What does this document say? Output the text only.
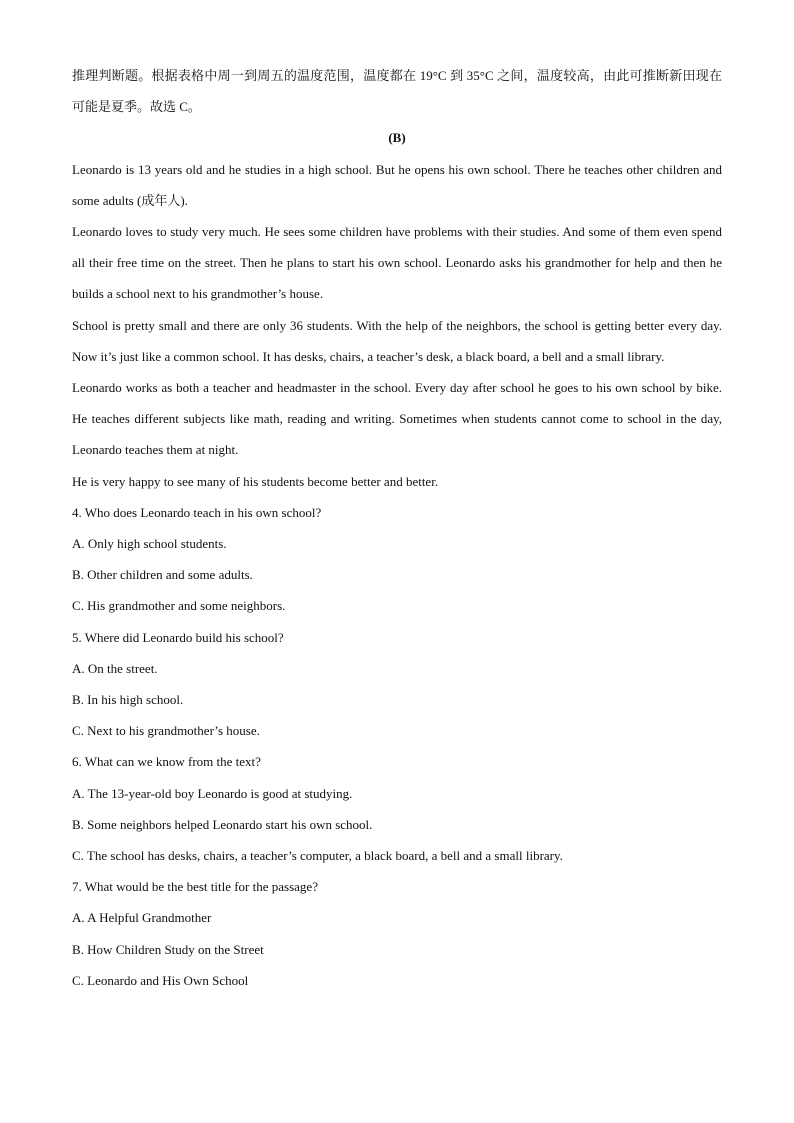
推理判断题。根据表格中周一到周五的温度范围，温度都在 19°C 到 35°C 之间，温度较高，由此可推断新田现在可能是夏季。故选 C。

(B)

Leonardo is 13 years old and he studies in a high school. But he opens his own school. There he teaches other children and some adults (成年人).

Leonardo loves to study very much. He sees some children have problems with their studies. And some of them even spend all their free time on the street. Then he plans to start his own school. Leonardo asks his grandmother for help and then he builds a school next to his grandmother’s house.

School is pretty small and there are only 36 students. With the help of the neighbors, the school is getting better every day. Now it’s just like a common school. It has desks, chairs, a teacher’s desk, a black board, a bell and a small library.

Leonardo works as both a teacher and headmaster in the school. Every day after school he goes to his own school by bike. He teaches different subjects like math, reading and writing. Sometimes when students cannot come to school in the day, Leonardo teaches them at night.

He is very happy to see many of his students become better and better.

4. Who does Leonardo teach in his own school?

A. Only high school students.

B. Other children and some adults.

C. His grandmother and some neighbors.

5. Where did Leonardo build his school?

A. On the street.

B. In his high school.

C. Next to his grandmother’s house.

6. What can we know from the text?

A. The 13-year-old boy Leonardo is good at studying.

B. Some neighbors helped Leonardo start his own school.

C. The school has desks, chairs, a teacher’s computer, a black board, a bell and a small library.

7. What would be the best title for the passage?

A. A Helpful Grandmother

B. How Children Study on the Street

C. Leonardo and His Own School
